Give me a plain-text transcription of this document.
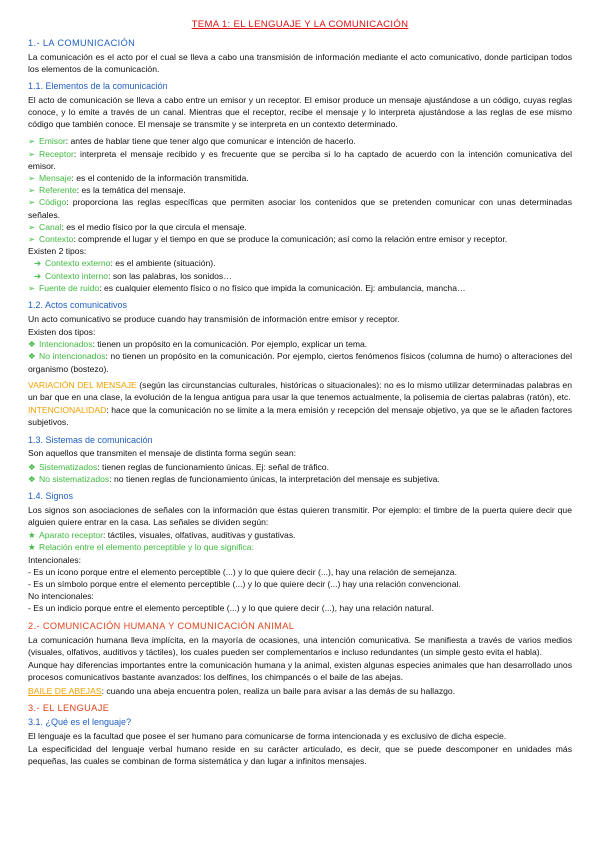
TEMA 1: EL LENGUAJE Y LA COMUNICACIÓN
1.- LA COMUNICACIÓN

La comunicación es el acto por el cual se lleva a cabo una transmisión de información mediante el acto comunicativo, donde participan todos los elementos de la comunicación.

1.1. Elementos de la comunicación

El acto de comunicación se lleva a cabo entre un emisor y un receptor. El emisor produce un mensaje ajustándose a un código, cuyas reglas conoce, y lo emite a través de un canal. Mientras que el receptor, recibe el mensaje y lo interpreta ajustándose a las reglas de ese mismo código que también conoce. El mensaje se transmite y se interpreta en un contexto determinado.

➢ Emisor: antes de hablar tiene que tener algo que comunicar e intención de hacerlo.
➢ Receptor: interpreta el mensaje recibido y es frecuente que se perciba si lo ha captado de acuerdo con la intención comunicativa del emisor.
➢ Mensaje: es el contenido de la información transmitida.
➢ Referente: es la temática del mensaje.
➢ Código: proporciona las reglas específicas que permiten asociar los contenidos que se pretenden comunicar con unas determinadas señales.
➢ Canal: es el medio físico por la que circula el mensaje.
➢ Contexto: comprende el lugar y el tiempo en que se produce la comunicación; así como la relación entre emisor y receptor.
Existen 2 tipos:
➔ Contexto externo: es el ambiente (situación).
➔ Contexto interno: son las palabras, los sonidos…
➢ Fuente de ruido: es cualquier elemento físico o no físico que impida la comunicación. Ej: ambulancia, mancha…
1.2. Actos comunicativos

Un acto comunicativo se produce cuando hay transmisión de información entre emisor y receptor.

Existen dos tipos:
❖ Intencionados: tienen un propósito en la comunicación. Por ejemplo, explicar un tema.
❖ No intencionados: no tienen un propósito en la comunicación. Por ejemplo, ciertos fenómenos físicos (columna de humo) o alteraciones del organismo (bostezo).

VARIACIÓN DEL MENSAJE (según las circunstancias culturales, históricas o situacionales): no es lo mismo utilizar determinadas palabras en un bar que en una clase, la evolución de la lengua antigua para usar la que tenemos actualmente, la polisemia de ciertas palabras (ratón), etc.

INTENCIONALIDAD: hace que la comunicación no se limite a la mera emisión y recepción del mensaje objetivo, ya que se le añaden factores subjetivos.

1.3. Sistemas de comunicación

Son aquellos que transmiten el mensaje de distinta forma según sean:

❖ Sistematizados: tienen reglas de funcionamiento únicas. Ej: señal de tráfico.
❖ No sistematizados: no tienen reglas de funcionamiento únicas, la interpretación del mensaje es subjetiva.
1.4. Signos

Los signos son asociaciones de señales con la información que éstas quieren transmitir. Por ejemplo: el timbre de la puerta quiere decir que alguien quiere entrar en la casa. Las señales se dividen según:

★ Aparato receptor: táctiles, visuales, olfativas, auditivas y gustativas.
★ Relación entre el elemento perceptible y lo que significa:
Intencionales:
- Es un icono porque entre el elemento perceptible (...) y lo que quiere decir (...), hay una relación de semejanza.
- Es un símbolo porque entre el elemento perceptible (...) y lo que quiere decir (...) hay una relación convencional.
No intencionales:
- Es un indicio porque entre el elemento perceptible (...) y lo que quiere decir (...), hay una relación natural.
2.- COMUNICACIÓN HUMANA Y COMUNICACIÓN ANIMAL

La comunicación humana lleva implícita, en la mayoría de ocasiones, una intención comunicativa. Se manifiesta a través de varios medios (visuales, olfativos, auditivos y táctiles), los cuales pueden ser complementarios e incluso redundantes (un simple gesto evita el habla).

Aunque hay diferencias importantes entre la comunicación humana y la animal, existen algunas especies animales que han desarrollado unos procesos comunicativos bastante avanzados: los delfines, los chimpancés o el baile de las abejas.

BAILE DE ABEJAS: cuando una abeja encuentra polen, realiza un baile para avisar a las demás de su hallazgo.

3.- EL LENGUAJE
3.1. ¿Qué es el lenguaje?

El lenguaje es la facultad que posee el ser humano para comunicarse de forma intencionada y es exclusivo de dicha especie.

La especificidad del lenguaje verbal humano reside en su carácter articulado, es decir, que se puede descomponer en unidades más pequeñas, las cuales se combinan de forma sistemática y dan lugar a infinitos mensajes.
